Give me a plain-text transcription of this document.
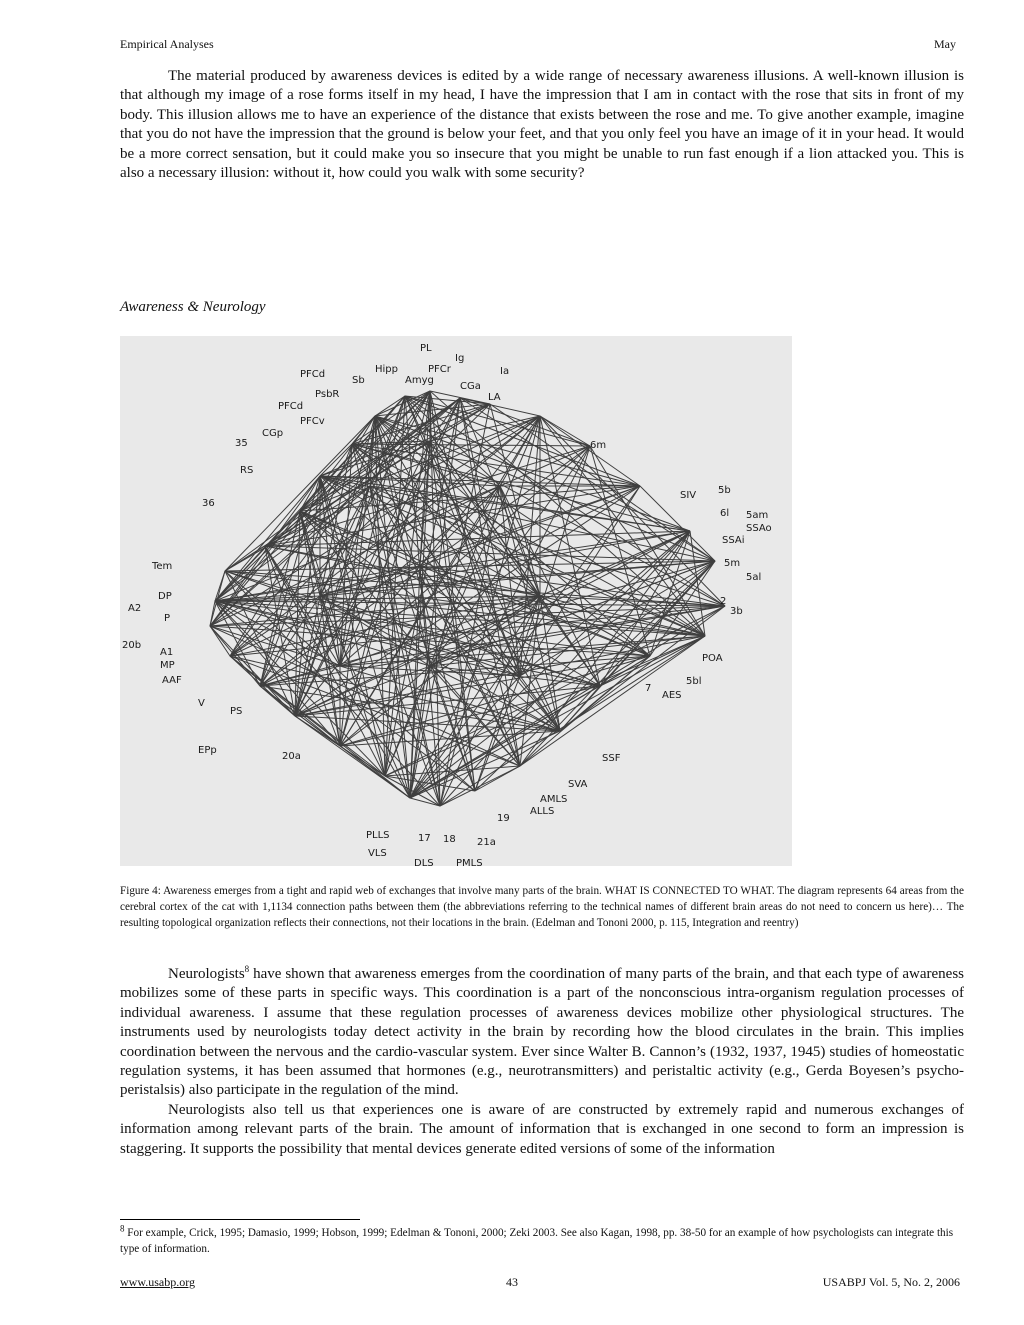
Empirical Analyses	May

The material produced by awareness devices is edited by a wide range of necessary awareness illusions. A well-known illusion is that although my image of a rose forms itself in my head, I have the impression that I am in contact with the rose that sits in front of my body. This illusion allows me to have an experience of the distance that exists between the rose and me. To give another example, imagine that you do not have the impression that the ground is below your feet, and that you only feel you have an image of it in your head. It would be a more correct sensation, but it could make you so insecure that you might be unable to run fast enough if a lion attacked you. This is also a necessary illusion: without it, how could you walk with some security?

Awareness & Neurology
PL
Ig
Hipp	PFCr	Ia
PFCd
Sb	Amyg
CGa
PsbR	LA
PFCd
PFCv
CGp
35	6m
RS
36
SIV 5b
6l 5am
SSAo
SSAi
5m
5al
Tem
2
3b
DP
A2
P
20b
POA
A1
MP
5bl
AAF
7
AES
V
PS
EPp
20a	SSF
SVA
AMLS
ALLS
19
PLLS	17 18 21a
VLS
DLS PMLS

Figure 4: Awareness emerges from a tight and rapid web of exchanges that involve many parts of the brain. WHAT IS CONNECTED TO WHAT. The diagram represents 64 areas from the cerebral cortex of the cat with 1,1134 connection paths between them (the abbreviations referring to the technical names of different brain areas do not need to concern us here)… The resulting topological organization reflects their connections, not their locations in the brain. (Edelman and Tononi 2000, p. 115, Integration and reentry)

Neurologists$^8$ have shown that awareness emerges from the coordination of many parts of the brain, and that each type of awareness mobilizes some of these parts in specific ways. This coordination is a part of the nonconscious intra-organism regulation processes of individual awareness. I assume that these regulation processes of awareness devices mobilize other physiological structures. The instruments used by neurologists today detect activity in the brain by recording how the blood circulates in the brain. This implies coordination between the nervous and the cardio-vascular system. Ever since Walter B. Cannon’s (1932, 1937, 1945) studies of homeostatic regulation systems, it has been assumed that hormones (e.g., neurotransmitters) and peristaltic activity (e.g., Gerda Boyesen’s psycho-peristalsis) also participate in the regulation of the mind.
Neurologists also tell us that experiences one is aware of are constructed by extremely rapid and numerous exchanges of information among relevant parts of the brain. The amount of information that is exchanged in one second to form an impression is staggering. It supports the possibility that mental devices generate edited versions of some of the information

$^8$ For example, Crick, 1995; Damasio, 1999; Hobson, 1999; Edelman & Tononi, 2000; Zeki 2003. See also Kagan, 1998, pp. 38-50 for an example of how psychologists can integrate this type of information.

www.usabp.org	43	USABPJ Vol. 5, No. 2, 2006
